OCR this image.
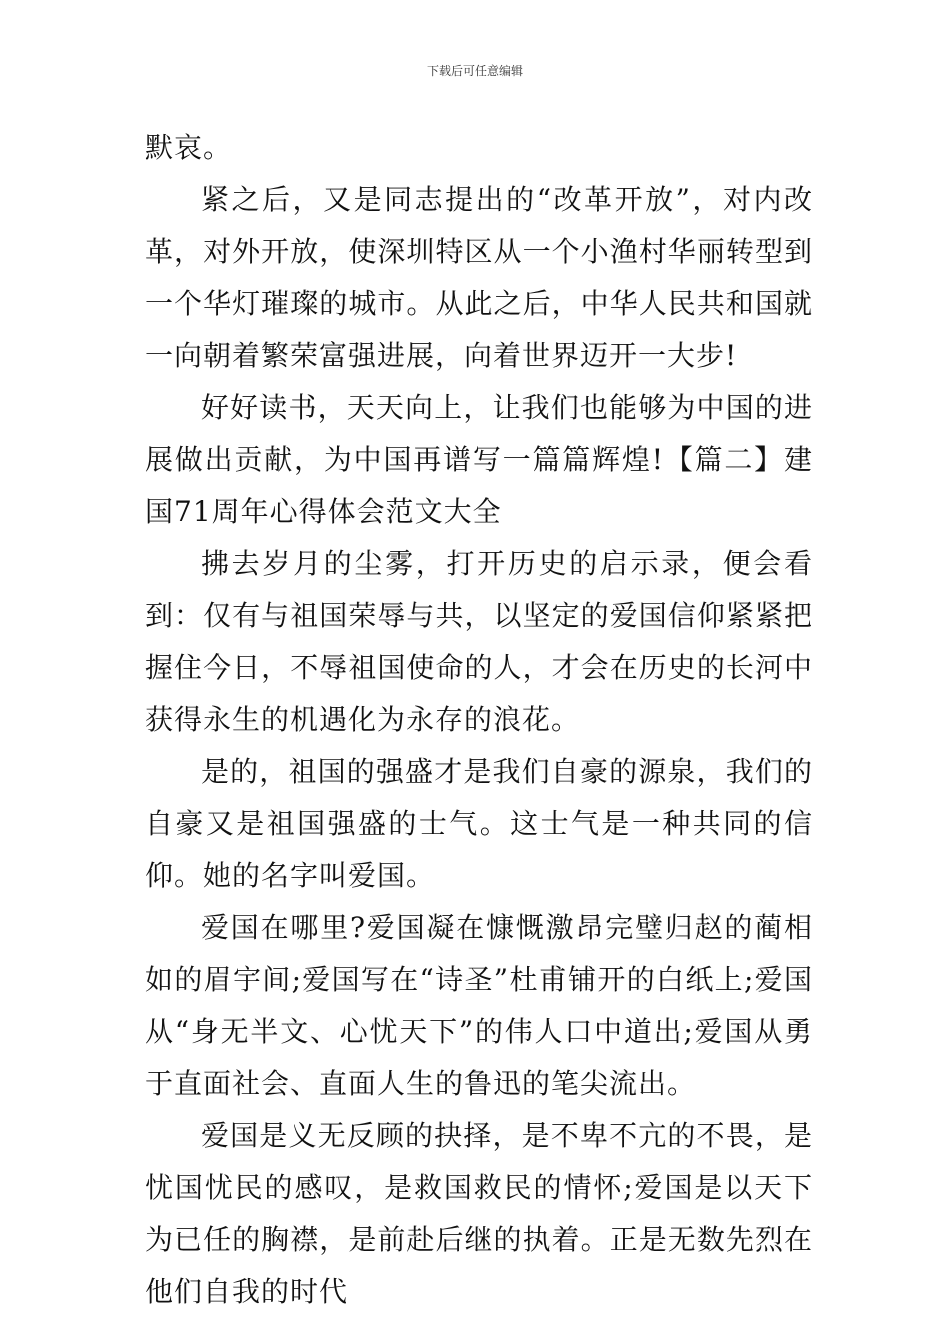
下载后可任意编辑

默哀。

紧之后，又是同志提出的“改革开放”，对内改革，对外开放，使深圳特区从一个小渔村华丽转型到一个华灯璀璨的城市。从此之后，中华人民共和国就一向朝着繁荣富强进展，向着世界迈开一大步!

好好读书，天天向上，让我们也能够为中国的进展做出贡献，为中国再谱写一篇篇辉煌!【篇二】建国71周年心得体会范文大全

拂去岁月的尘雾，打开历史的启示录，便会看到：仅有与祖国荣辱与共，以坚定的爱国信仰紧紧把握住今日，不辱祖国使命的人，才会在历史的长河中获得永生的机遇化为永存的浪花。

是的，祖国的强盛才是我们自豪的源泉，我们的自豪又是祖国强盛的士气。这士气是一种共同的信仰。她的名字叫爱国。

爱国在哪里?爱国凝在慷慨激昂完璧归赵的蔺相如的眉宇间;爱国写在“诗圣”杜甫铺开的白纸上;爱国从“身无半文、心忧天下”的伟人口中道出;爱国从勇于直面社会、直面人生的鲁迅的笔尖流出。

爱国是义无反顾的抉择，是不卑不亢的不畏，是忧国忧民的感叹，是救国救民的情怀;爱国是以天下为已任的胸襟，是前赴后继的执着。正是无数先烈在他们自我的时代
